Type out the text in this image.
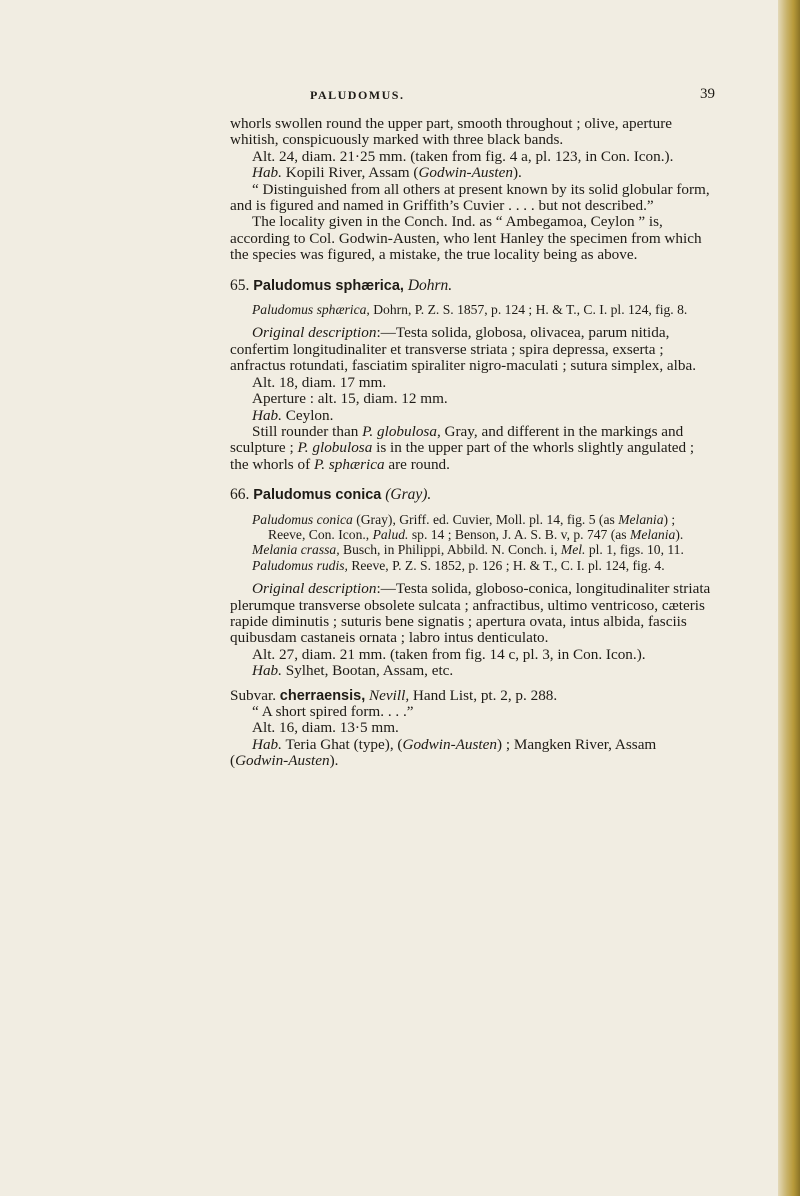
PALUDOMUS.	39

whorls swollen round the upper part, smooth throughout ; olive, aperture whitish, conspicuously marked with three black bands.

Alt. 24, diam. 21·25 mm. (taken from fig. 4 a, pl. 123, in Con. Icon.).

Hab. Kopili River, Assam (Godwin-Austen).

“ Distinguished from all others at present known by its solid globular form, and is figured and named in Griffith’s Cuvier . . . . but not described.”

The locality given in the Conch. Ind. as “ Ambegamoa, Ceylon ” is, according to Col. Godwin-Austen, who lent Hanley the specimen from which the species was figured, a mistake, the true locality being as above.

65. Paludomus sphærica, Dohrn.

Paludomus sphærica, Dohrn, P. Z. S. 1857, p. 124 ; H. & T., C. I. pl. 124, fig. 8.

Original description:—Testa solida, globosa, olivacea, parum nitida, confertim longitudinaliter et transverse striata ; spira depressa, exserta ; anfractus rotundati, fasciatim spiraliter nigro-maculati ; sutura simplex, alba.

Alt. 18, diam. 17 mm.

Aperture : alt. 15, diam. 12 mm.

Hab. Ceylon.

Still rounder than P. globulosa, Gray, and different in the markings and sculpture ; P. globulosa is in the upper part of the whorls slightly angulated ; the whorls of P. sphærica are round.

66. Paludomus conica (Gray).

Paludomus conica (Gray), Griff. ed. Cuvier, Moll. pl. 14, fig. 5 (as Melania) ; Reeve, Con. Icon., Palud. sp. 14 ; Benson, J. A. S. B. v, p. 747 (as Melania).
Melania crassa, Busch, in Philippi, Abbild. N. Conch. i, Mel. pl. 1, figs. 10, 11.
Paludomus rudis, Reeve, P. Z. S. 1852, p. 126 ; H. & T., C. I. pl. 124, fig. 4.

Original description:—Testa solida, globoso-conica, longitudinaliter striata plerumque transverse obsolete sulcata ; anfractibus, ultimo ventricoso, cæteris rapide diminutis ; suturis bene signatis ; apertura ovata, intus albida, fasciis quibusdam castaneis ornata ; labro intus denticulato.

Alt. 27, diam. 21 mm. (taken from fig. 14 c, pl. 3, in Con. Icon.).

Hab. Sylhet, Bootan, Assam, etc.

Subvar. cherraensis, Nevill, Hand List, pt. 2, p. 288.

“ A short spired form. . . .”

Alt. 16, diam. 13·5 mm.

Hab. Teria Ghat (type), (Godwin-Austen) ; Mangken River, Assam (Godwin-Austen).
